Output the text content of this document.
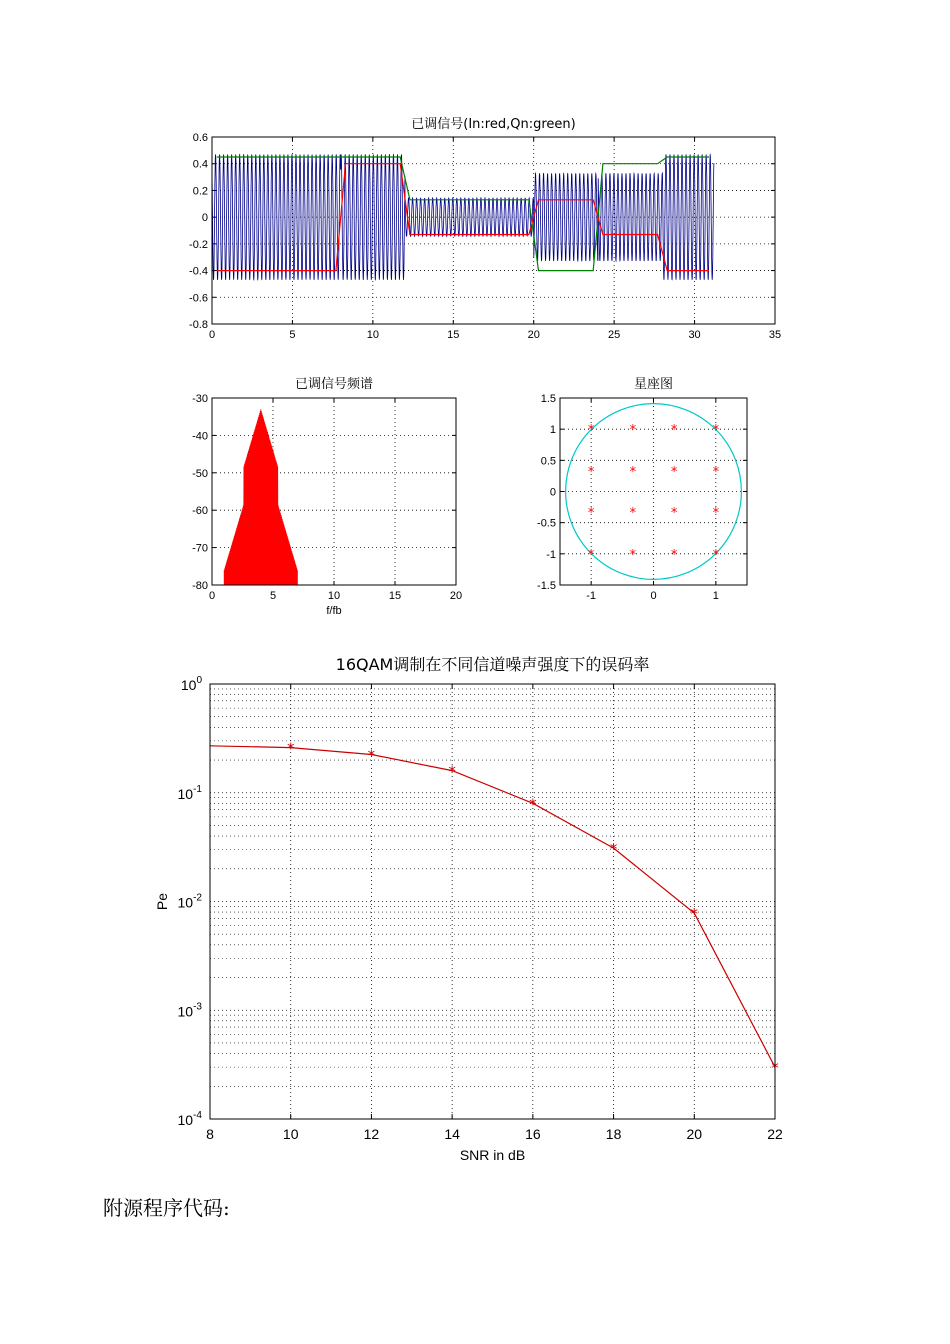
0	5	10	15	20	25	30	35
0.6
0.4
0.2
0
-0.2
-0.4
-0.6
-0.8
已调信号(In:red,Qn:green)
0	5	10	15	20
-30
-40
-50
-60
-70
-80
已调信号频谱
f/fb
-1	0	1
1.5
1
0.5
0
-0.5
-1
-1.5
*	*	*	*
*	*	*	*
*	*	*	*
*	*	*	*
星座图
8	10	12	14	16	18	20	22
$10^0$
$10^{-1}$
$10^{-2}$
$10^{-3}$
$10^{-4}$
*	*
*
*
*
*
*
16QAM调制在不同信道噪声强度下的误码率
SNR in dB
Pe
附源程序代码:
